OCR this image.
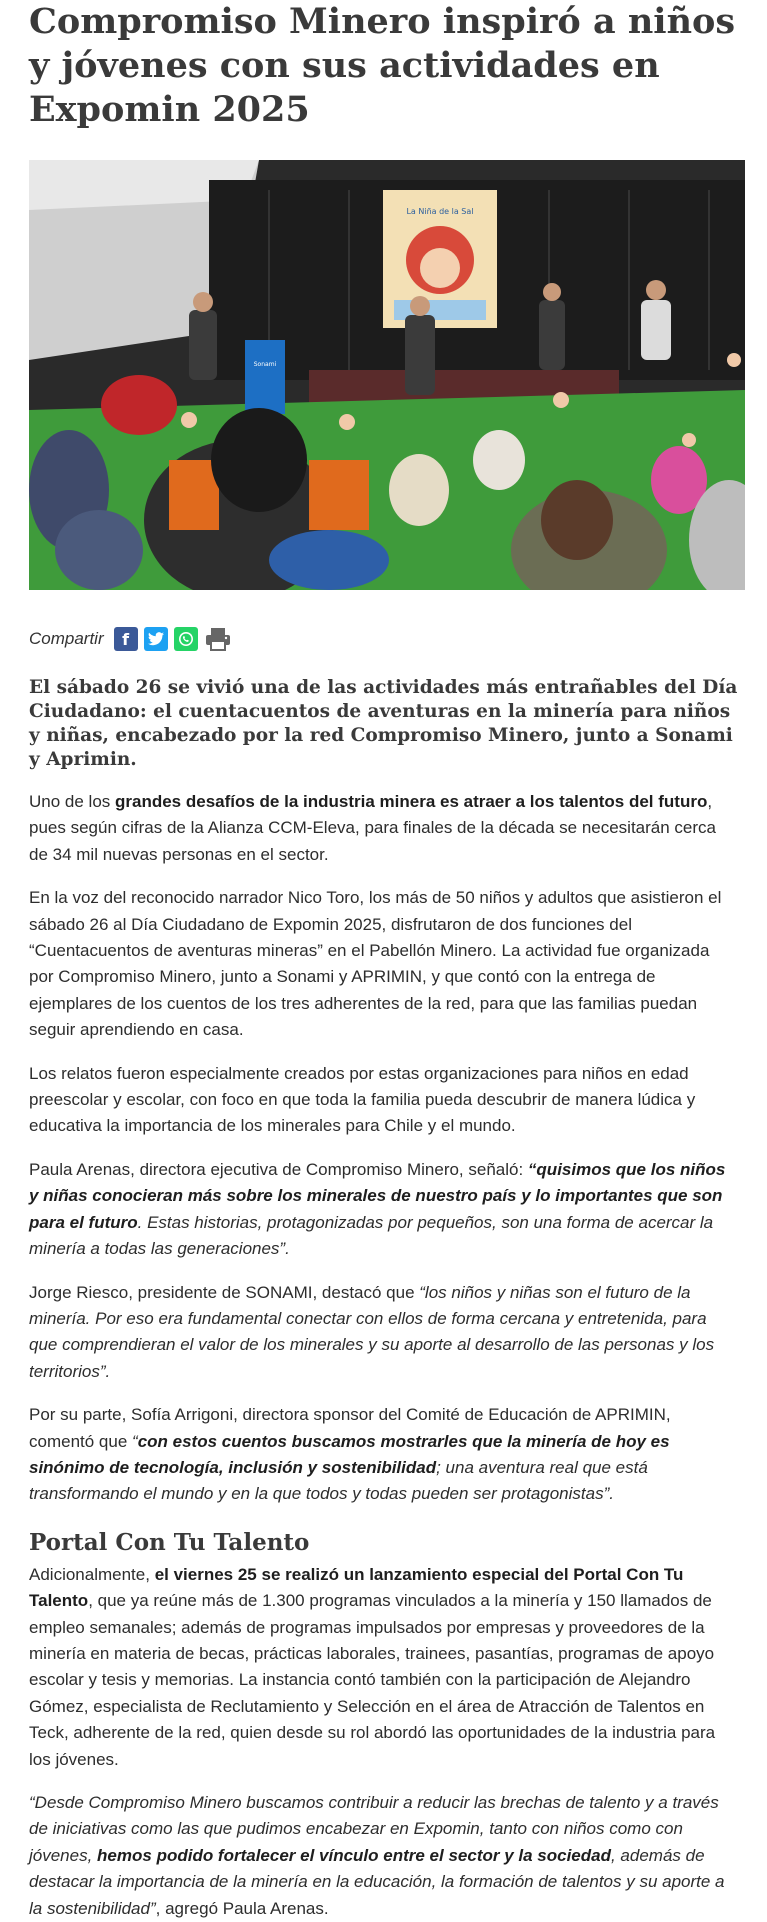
Compromiso Minero inspiró a niños y jóvenes con sus actividades en Expomin 2025
La Niña de la Sal
Sonami
Compartir	f
El sábado 26 se vivió una de las actividades más entrañables del Día Ciudadano: el cuentacuentos de aventuras en la minería para niños y niñas, encabezado por la red Compromiso Minero, junto a Sonami y Aprimin.

Uno de los grandes desafíos de la industria minera es atraer a los talentos del futuro, pues según cifras de la Alianza CCM-Eleva, para finales de la década se necesitarán cerca de 34 mil nuevas personas en el sector.

En la voz del reconocido narrador Nico Toro, los más de 50 niños y adultos que asistieron el sábado 26 al Día Ciudadano de Expomin 2025, disfrutaron de dos funciones del “Cuentacuentos de aventuras mineras” en el Pabellón Minero. La actividad fue organizada por Compromiso Minero, junto a Sonami y APRIMIN, y que contó con la entrega de ejemplares de los cuentos de los tres adherentes de la red, para que las familias puedan seguir aprendiendo en casa.

Los relatos fueron especialmente creados por estas organizaciones para niños en edad preescolar y escolar, con foco en que toda la familia pueda descubrir de manera lúdica y educativa la importancia de los minerales para Chile y el mundo.

Paula Arenas, directora ejecutiva de Compromiso Minero, señaló: “quisimos que los niños y niñas conocieran más sobre los minerales de nuestro país y lo importantes que son para el futuro. Estas historias, protagonizadas por pequeños, son una forma de acercar la minería a todas las generaciones”.

Jorge Riesco, presidente de SONAMI, destacó que “los niños y niñas son el futuro de la minería. Por eso era fundamental conectar con ellos de forma cercana y entretenida, para que comprendieran el valor de los minerales y su aporte al desarrollo de las personas y los territorios”.

Por su parte, Sofía Arrigoni, directora sponsor del Comité de Educación de APRIMIN, comentó que “con estos cuentos buscamos mostrarles que la minería de hoy es sinónimo de tecnología, inclusión y sostenibilidad; una aventura real que está transformando el mundo y en la que todos y todas pueden ser protagonistas”.

Portal Con Tu Talento

Adicionalmente, el viernes 25 se realizó un lanzamiento especial del Portal Con Tu Talento, que ya reúne más de 1.300 programas vinculados a la minería y 150 llamados de empleo semanales; además de programas impulsados por empresas y proveedores de la minería en materia de becas, prácticas laborales, trainees, pasantías, programas de apoyo escolar y tesis y memorias. La instancia contó también con la participación de Alejandro Gómez, especialista de Reclutamiento y Selección en el área de Atracción de Talentos en Teck, adherente de la red, quien desde su rol abordó las oportunidades de la industria para los jóvenes.

“Desde Compromiso Minero buscamos contribuir a reducir las brechas de talento y a través de iniciativas como las que pudimos encabezar en Expomin, tanto con niños como con jóvenes, hemos podido fortalecer el vínculo entre el sector y la sociedad, además de destacar la importancia de la minería en la educación, la formación de talentos y su aporte a la sostenibilidad”, agregó Paula Arenas.
